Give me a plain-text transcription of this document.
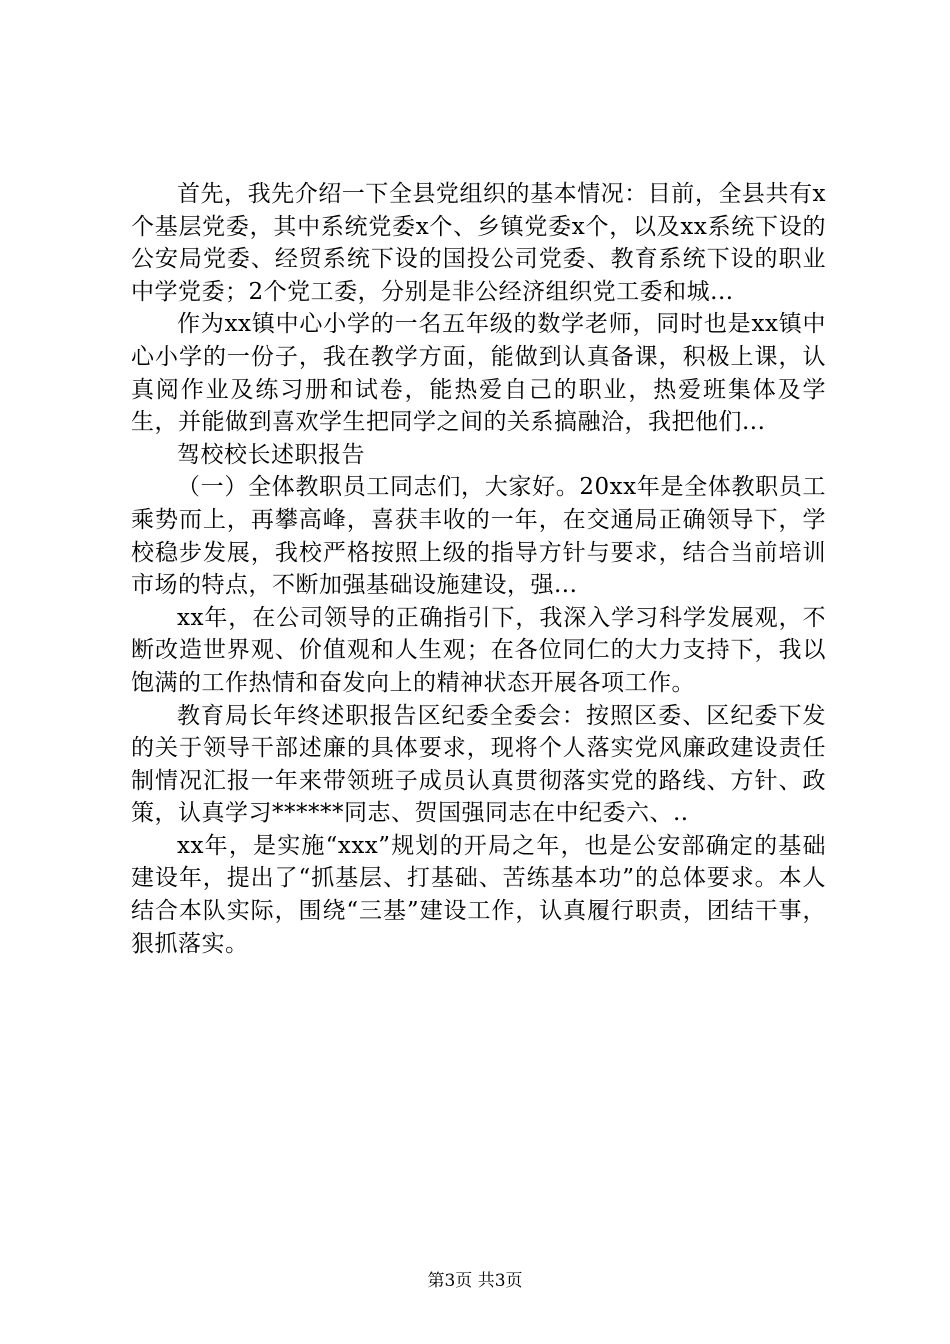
首先，我先介绍一下全县党组织的基本情况：目前，全县共有x个基层党委，其中系统党委x个、乡镇党委x个，以及xx系统下设的公安局党委、经贸系统下设的国投公司党委、教育系统下设的职业中学党委；2个党工委，分别是非公经济组织党工委和城...

作为xx镇中心小学的一名五年级的数学老师，同时也是xx镇中心小学的一份子，我在教学方面，能做到认真备课，积极上课，认真阅作业及练习册和试卷，能热爱自己的职业，热爱班集体及学生，并能做到喜欢学生把同学之间的关系搞融洽，我把他们...

驾校校长述职报告

（一）全体教职员工同志们，大家好。20xx年是全体教职员工乘势而上，再攀高峰，喜获丰收的一年，在交通局正确领导下，学校稳步发展，我校严格按照上级的指导方针与要求，结合当前培训市场的特点，不断加强基础设施建设，强...

xx年，在公司领导的正确指引下，我深入学习科学发展观，不断改造世界观、价值观和人生观；在各位同仁的大力支持下，我以饱满的工作热情和奋发向上的精神状态开展各项工作。

教育局长年终述职报告区纪委全委会：按照区委、区纪委下发的关于领导干部述廉的具体要求，现将个人落实党风廉政建设责任制情况汇报一年来带领班子成员认真贯彻落实党的路线、方针、政策，认真学习******同志、贺国强同志在中纪委六、..

xx年，是实施“xxx”规划的开局之年，也是公安部确定的基础建设年，提出了“抓基层、打基础、苦练基本功”的总体要求。本人结合本队实际，围绕“三基”建设工作，认真履行职责，团结干事，狠抓落实。

第3页 共3页
